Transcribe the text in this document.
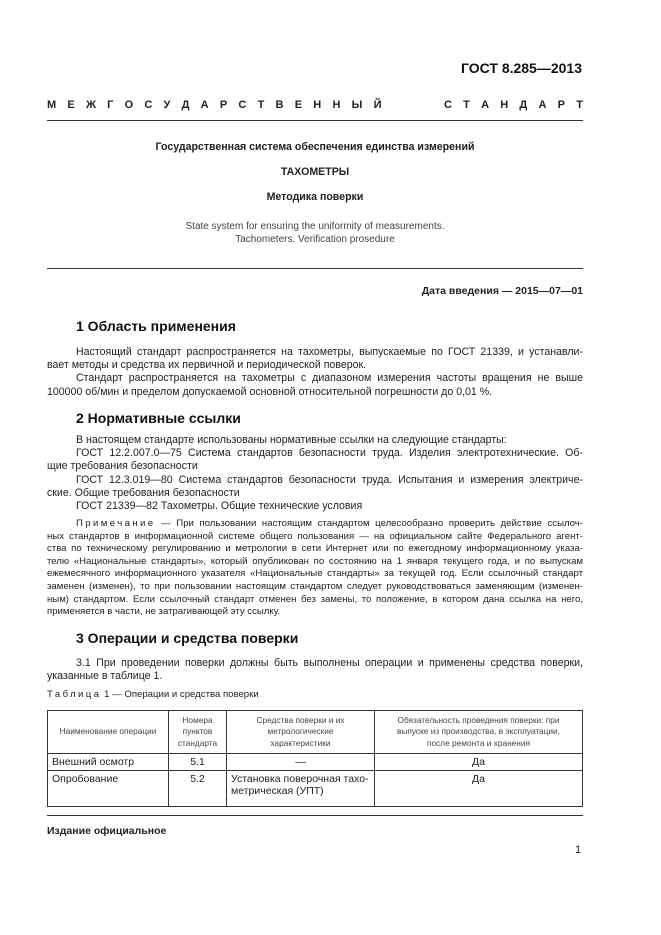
ГОСТ 8.285—2013
М Е Ж Г О С У Д А Р С Т В Е Н Н Ы Й	С Т А Н Д А Р Т
Государственная система обеспечения единства измерений
ТАХОМЕТРЫ
Методика поверки
State system for ensuring the uniformity of measurements.
Tachometers. Verification prosedure
Дата введения — 2015—07—01
1 Область применения
Настоящий стандарт распространяется на тахометры, выпускаемые по ГОСТ 21339, и устанавли-
вает методы и средства их первичной и периодической поверок.
Стандарт распространяется на тахометры с диапазоном измерения частоты вращения не выше
100000 об/мин и пределом допускаемой основной относительной погрешности до 0,01 %.
2 Нормативные ссылки
В настоящем стандарте использованы нормативные ссылки на следующие стандарты:
ГОСТ 12.2.007.0—75 Система стандартов безопасности труда. Изделия электротехнические. Об-
щие требования безопасности
ГОСТ 12.3.019—80 Система стандартов безопасности труда. Испытания и измерения электриче-
ские. Общие требования безопасности
ГОСТ 21339—82 Тахометры. Общие технические условия
Примечание — При пользовании настоящим стандартом целесообразно проверить действие ссылоч-
ных стандартов в информационной системе общего пользования — на официальном сайте Федерального агент-
ства по техническому регулированию и метрологии в сети Интернет или по ежегодному информационному указа-
телю «Национальные стандарты», который опубликован по состоянию на 1 января текущего года, и по выпускам
ежемесячного информационного указателя «Национальные стандарты» за текущей год. Если ссылочный стандарт
заменен (изменен), то при пользовании настоящим стандартом следует руководствоваться заменяющим (изменен-
ным) стандартом. Если ссылочный стандарт отменен без замены, то положение, в котором дана ссылка на него,
применяется в части, не затрагивающей эту ссылку.
3 Операции и средства поверки
3.1 При проведении поверки должны быть выполнены операции и применены средства поверки,
указанные в таблице 1.
Таблица 1 — Операции и средства поверки
Наименование операции	Номера пунктов стандарта	Средства поверки и их метрологические характеристики	Обязательность проведения поверки: при выпуске из производства, в эксплуатации, после ремонта и хранения
Внешний осмотр	5.1	—	Да
Опробование	5.2	Установка поверочная тахо-метрическая (УПТ)	Да
Издание официальное
1
